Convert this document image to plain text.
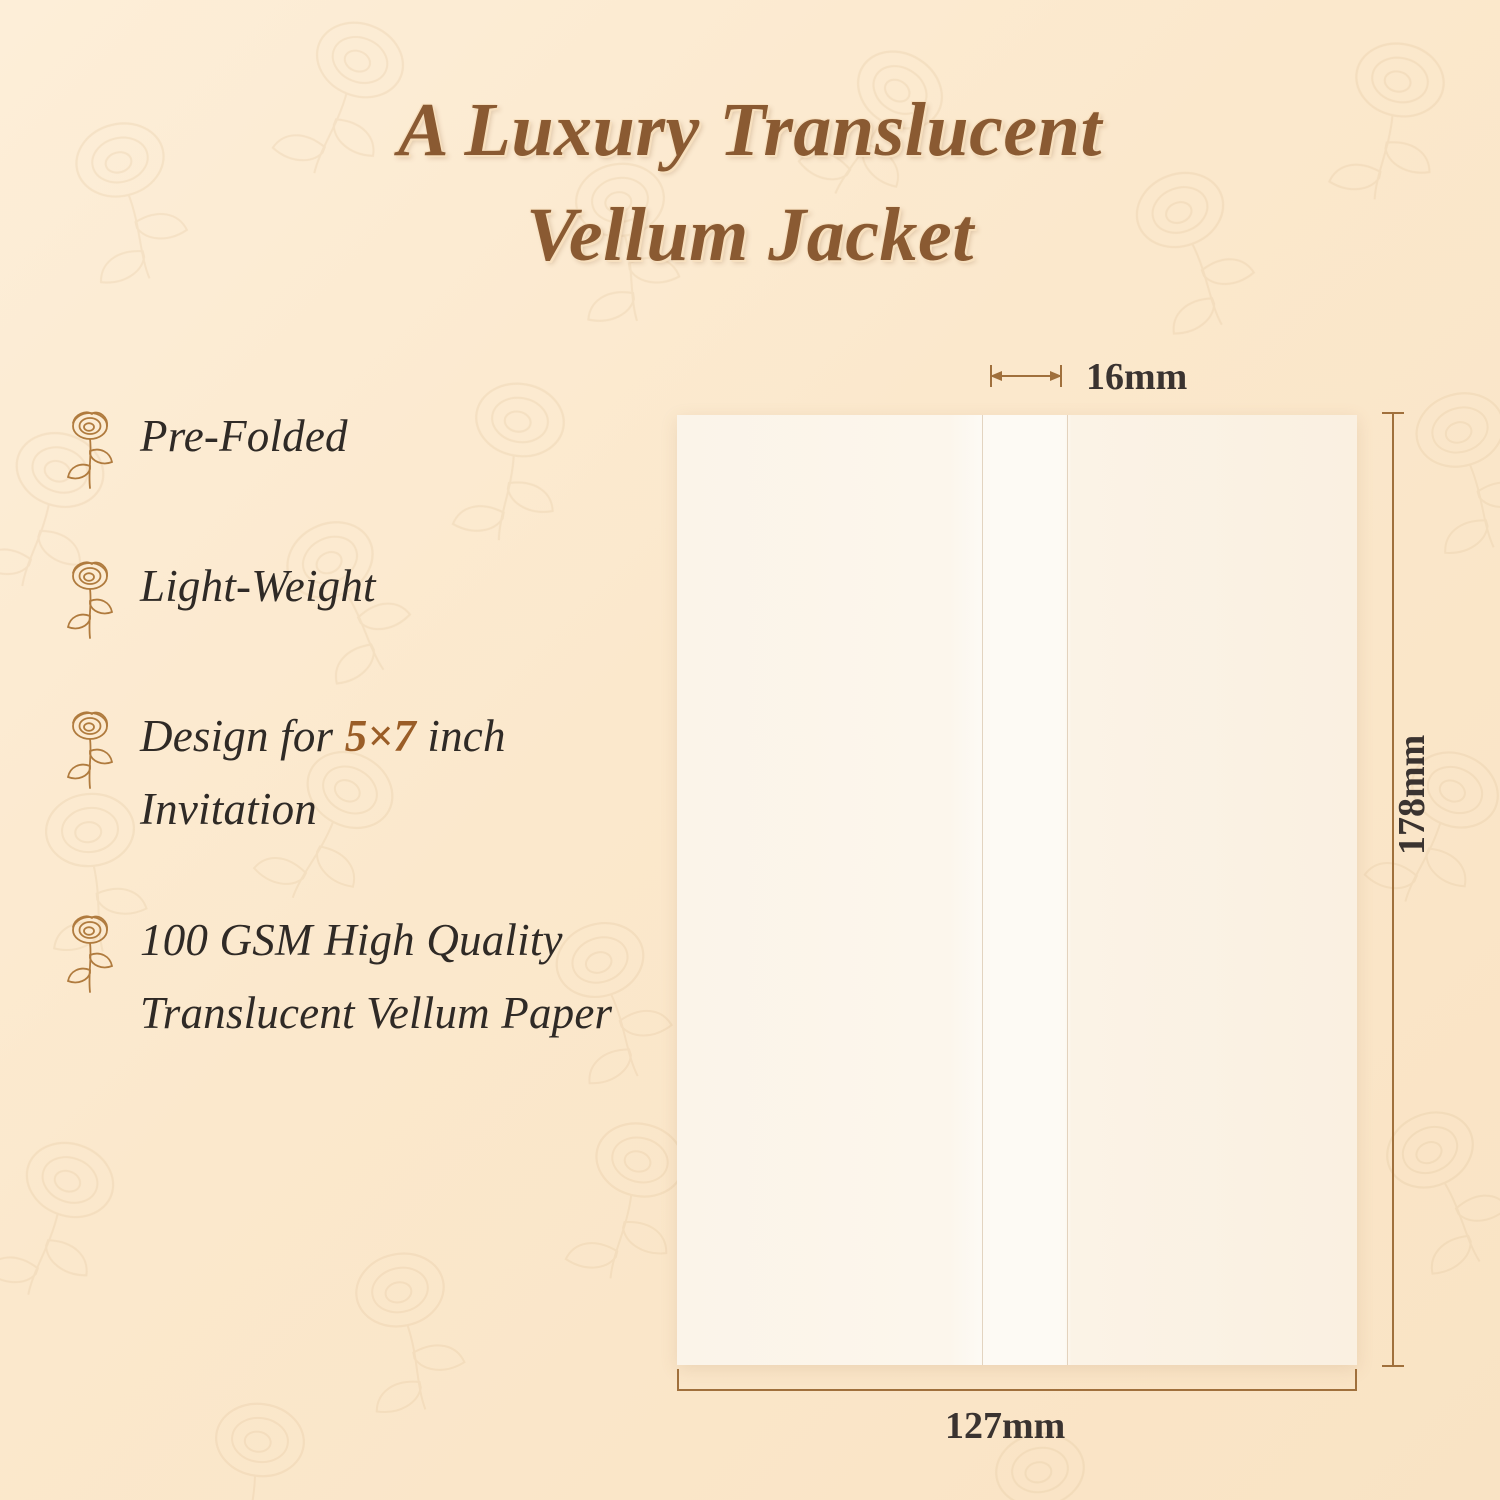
A Luxury Translucent
Vellum Jacket
Pre-Folded
Light-Weight
Design for 5×7 inch Invitation
100 GSM High Quality Translucent Vellum Paper
16mm
178mm
127mm
